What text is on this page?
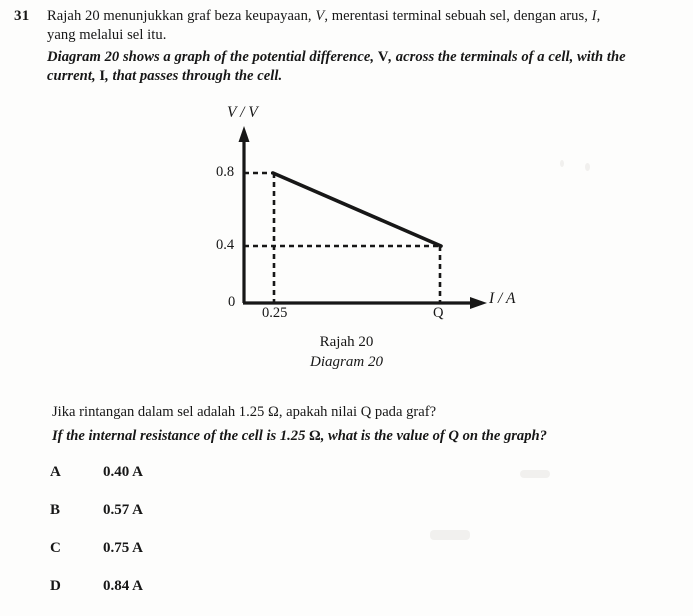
31 Rajah 20 menunjukkan graf beza keupayaan, V, merentasi terminal sebuah sel, dengan arus, I,
yang melalui sel itu.
Diagram 20 shows a graph of the potential difference, V, across the terminals of a cell, with the
current, I, that passes through the cell.
V / V
I / A
0.8
0.4
0
0.25	Q
Rajah 20
Diagram 20
Jika rintangan dalam sel adalah 1.25 Ω, apakah nilai Q pada graf?
If the internal resistance of the cell is 1.25 Ω, what is the value of Q on the graph?
A	0.40 A
B	0.57 A
C	0.75 A
D	0.84 A
